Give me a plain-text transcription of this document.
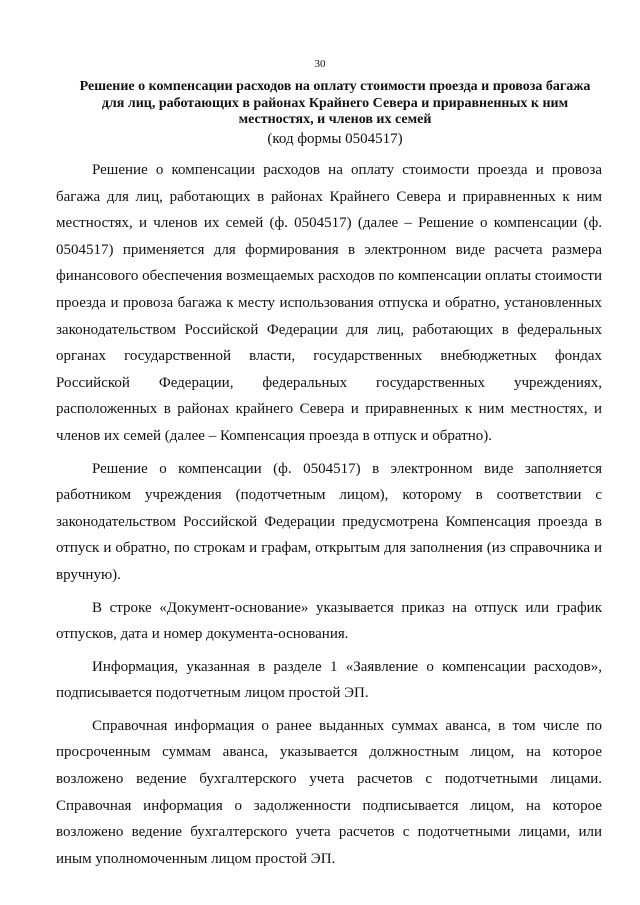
30

Решение о компенсации расходов на оплату стоимости проезда и провоза багажа для лиц, работающих в районах Крайнего Севера и приравненных к ним местностях, и членов их семей

(код формы 0504517)

Решение о компенсации расходов на оплату стоимости проезда и провоза багажа для лиц, работающих в районах Крайнего Севера и приравненных к ним местностях, и членов их семей (ф. 0504517) (далее – Решение о компенсации (ф. 0504517) применяется для формирования в электронном виде расчета размера финансового обеспечения возмещаемых расходов по компенсации оплаты стоимости проезда и провоза багажа к месту использования отпуска и обратно, установленных законодательством Российской Федерации для лиц, работающих в федеральных органах государственной власти, государственных внебюджетных фондах Российской Федерации, федеральных государственных учреждениях, расположенных в районах крайнего Севера и приравненных к ним местностях, и членов их семей (далее – Компенсация проезда в отпуск и обратно).

Решение о компенсации (ф. 0504517) в электронном виде заполняется работником учреждения (подотчетным лицом), которому в соответствии с законодательством Российской Федерации предусмотрена Компенсация проезда в отпуск и обратно, по строкам и графам, открытым для заполнения (из справочника и вручную).

В строке «Документ-основание» указывается приказ на отпуск или график отпусков, дата и номер документа-основания.

Информация, указанная в разделе 1 «Заявление о компенсации расходов», подписывается подотчетным лицом простой ЭП.

Справочная информация о ранее выданных суммах аванса, в том числе по просроченным суммам аванса, указывается должностным лицом, на которое возложено ведение бухгалтерского учета расчетов с подотчетными лицами. Справочная информация о задолженности подписывается лицом, на которое возложено ведение бухгалтерского учета расчетов с подотчетными лицами, или иным уполномоченным лицом простой ЭП.
